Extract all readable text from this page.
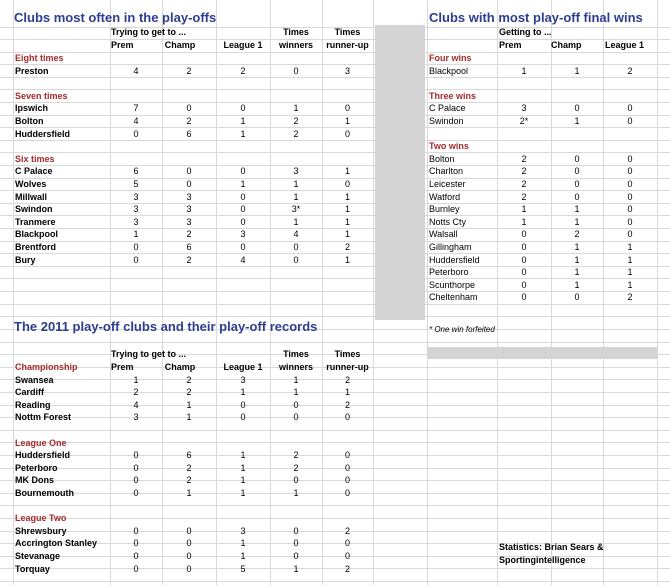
Clubs most often in the play-offs	Clubs with most play-off final wins
The 2011 play-off clubs and their play-off records	* One win forfeited
Statistics: Brian Sears &
Sportingintelligence
Trying to get to ...	Times	Times
Prem	Champ	League 1	winners	runner-up
Eight times
Preston	4	2	2	0	3
Seven times
Ipswich	7	0	0	1	0
Bolton	4	2	1	2	1
Huddersfield	0	6	1	2	0
Six times
C Palace	6	0	0	3	1
Wolves	5	0	1	1	0
Millwall	3	3	0	1	1
Swindon	3	3	0	3*	1
Tranmere	3	3	0	1	1
Blackpool	1	2	3	4	1
Brentford	0	6	0	0	2
Bury	0	2	4	0	1
Trying to get to ...	Times	Times
Prem	Champ	League 1	winners	runner-up
Championship
Swansea	1	2	3	1	2
Cardiff	2	2	1	1	1
Reading	4	1	0	0	2
Nottm Forest	3	1	0	0	0
League One
Huddersfield	0	6	1	2	0
Peterboro	0	2	1	2	0
MK Dons	0	2	1	0	0
Bournemouth	0	1	1	1	0
League Two
Shrewsbury	0	0	3	0	2
Accrington Stanley	0	0	1	0	0
Stevanage	0	0	1	0	0
Torquay	0	0	5	1	2
Getting to ...
Prem	Champ	League 1
Four wins
Blackpool	1	1	2
Three wins
C Palace	3	0	0
Swindon	2*	1	0
Two wins
Bolton	2	0	0
Charlton	2	0	0
Leicester	2	0	0
Watford	2	0	0
Burnley	1	1	0
Notts Cty	1	1	0
Walsall	0	2	0
Gillingham	0	1	1
Huddersfield	0	1	1
Peterboro	0	1	1
Scunthorpe	0	1	1
Cheltenham	0	0	2
